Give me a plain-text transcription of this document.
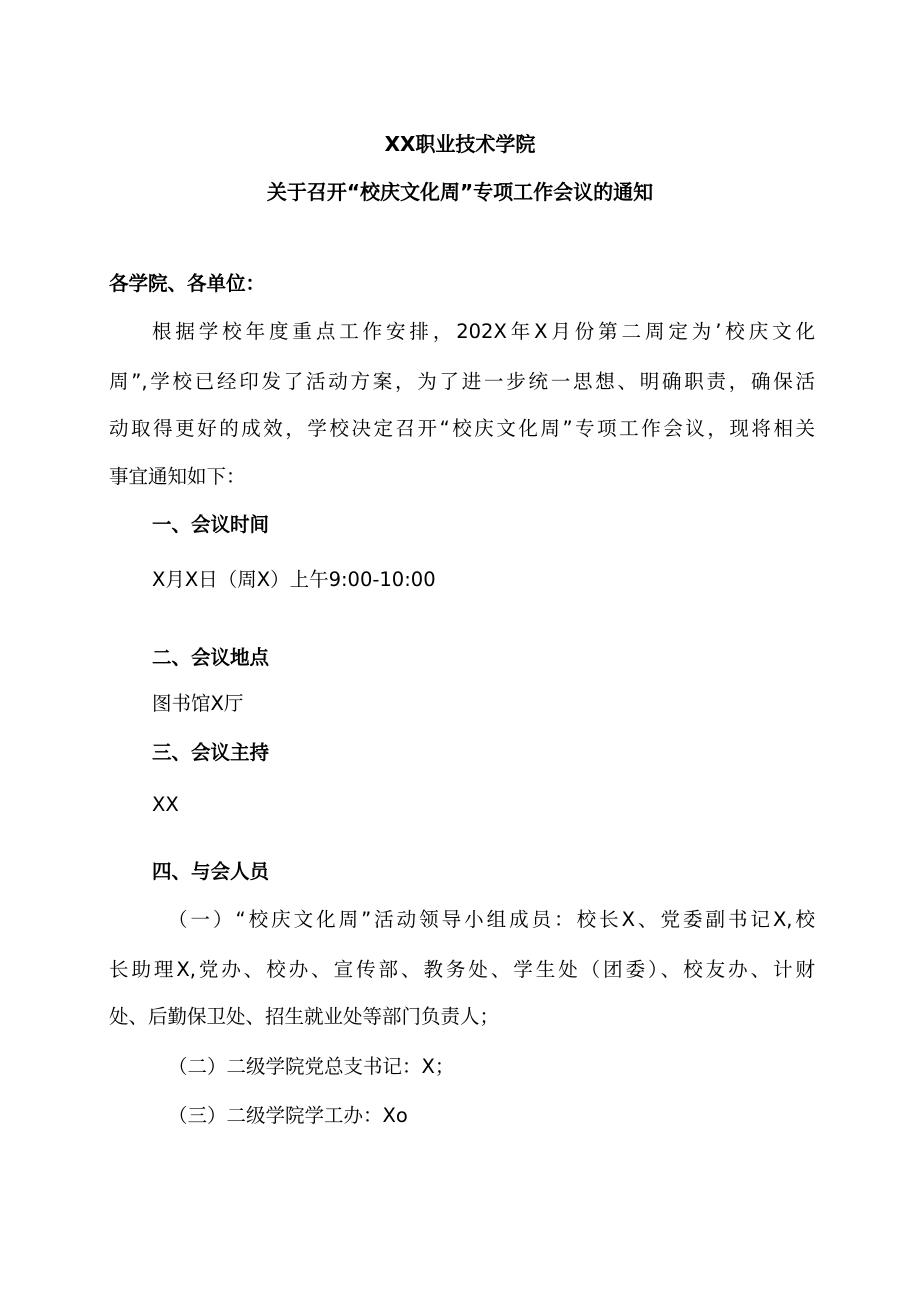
XX职业技术学院
关于召开“校庆文化周”专项工作会议的通知
各学院、各单位：
根据学校年度重点工作安排，202X年X月份第二周定为’校庆文化
周”,学校已经印发了活动方案，为了进一步统一思想、明确职责，确保活
动取得更好的成效，学校决定召开“校庆文化周”专项工作会议，现将相关
事宜通知如下：
一、会议时间
X月X日（周X）上午9:00-10:00
二、会议地点
图书馆X厅
三、会议主持
XX
四、与会人员
（一）“校庆文化周”活动领导小组成员：校长X、党委副书记X,校
长助理X,党办、校办、宣传部、教务处、学生处（团委）、校友办、计财
处、后勤保卫处、招生就业处等部门负责人；
（二）二级学院党总支书记：X；
（三）二级学院学工办：Xo
